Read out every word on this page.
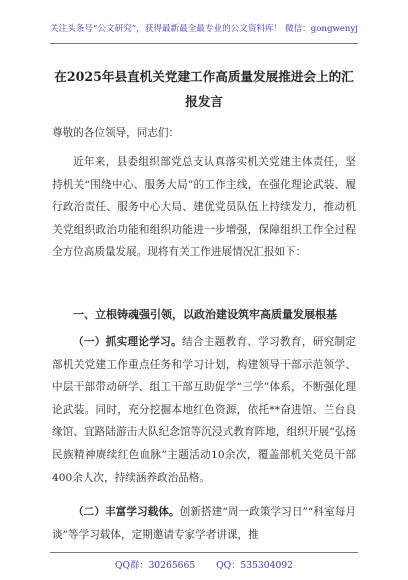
关注头条号“公文研究”，获得最新最全最专业的公文资料库！ 微信：gongwenyj
在2025年县直机关党建工作高质量发展推进会上的汇报发言

尊敬的各位领导，同志们：

近年来，县委组织部党总支认真落实机关党建主体责任，坚持机关“围绕中心、服务大局”的工作主线，在强化理论武装、履行政治责任、服务中心大局、建优党员队伍上持续发力，推动机关党组织政治功能和组织功能进一步增强，保障组织工作全过程全方位高质量发展。现将有关工作进展情况汇报如下：

一、立根铸魂强引领，以政治建设筑牢高质量发展根基

（一）抓实理论学习。结合主题教育、学习教育，研究制定部机关党建工作重点任务和学习计划，构建领导干部示范领学、中层干部带动研学、组工干部互助促学“三学”体系，不断强化理论武装。同时，充分挖掘本地红色资源，依托**奋进馆、兰台良缘馆、宜路陆游击大队纪念馆等沉浸式教育阵地，组织开展“弘扬民族精神赓续红色血脉”主题活动10余次，覆盖部机关党员干部400余人次，持续涵养政治品格。

（二）丰富学习载体。创新搭建“周一政策学习日”“科室每月谈”等学习载体，定期邀请专家学者讲课，推

QQ群：30265665 QQ：535304092
